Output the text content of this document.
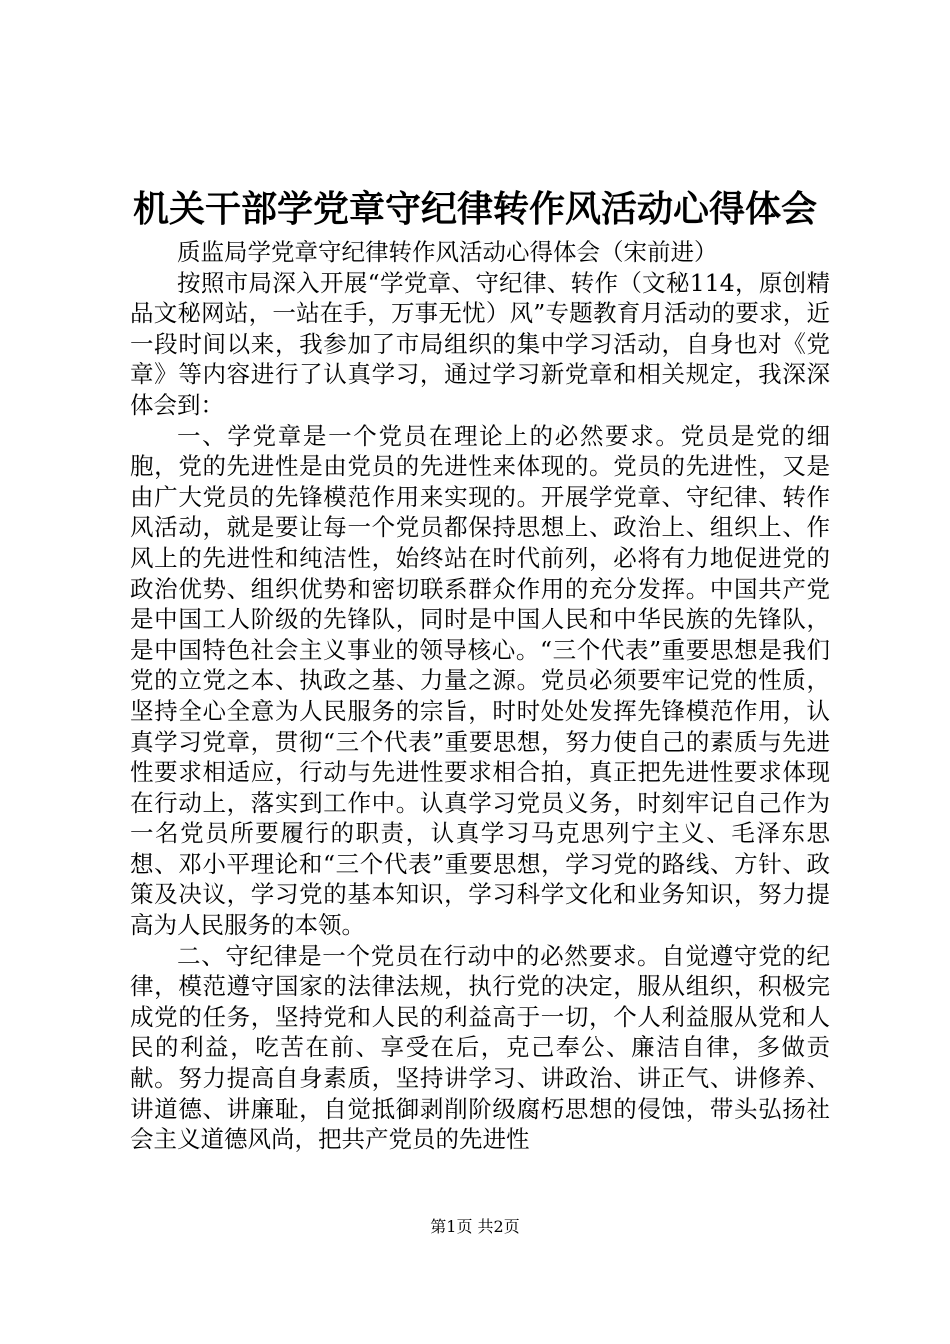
机关干部学党章守纪律转作风活动心得体会

质监局学党章守纪律转作风活动心得体会（宋前进）

按照市局深入开展“学党章、守纪律、转作（文秘114，原创精品文秘网站，一站在手，万事无忧）风”专题教育月活动的要求，近一段时间以来，我参加了市局组织的集中学习活动，自身也对《党章》等内容进行了认真学习，通过学习新党章和相关规定，我深深体会到：

一、学党章是一个党员在理论上的必然要求。党员是党的细胞，党的先进性是由党员的先进性来体现的。党员的先进性，又是由广大党员的先锋模范作用来实现的。开展学党章、守纪律、转作风活动，就是要让每一个党员都保持思想上、政治上、组织上、作风上的先进性和纯洁性，始终站在时代前列，必将有力地促进党的政治优势、组织优势和密切联系群众作用的充分发挥。中国共产党是中国工人阶级的先锋队，同时是中国人民和中华民族的先锋队，是中国特色社会主义事业的领导核心。“三个代表”重要思想是我们党的立党之本、执政之基、力量之源。党员必须要牢记党的性质，坚持全心全意为人民服务的宗旨，时时处处发挥先锋模范作用，认真学习党章，贯彻“三个代表”重要思想，努力使自己的素质与先进性要求相适应，行动与先进性要求相合拍，真正把先进性要求体现在行动上，落实到工作中。认真学习党员义务，时刻牢记自己作为一名党员所要履行的职责，认真学习马克思列宁主义、毛泽东思想、邓小平理论和“三个代表”重要思想，学习党的路线、方针、政策及决议，学习党的基本知识，学习科学文化和业务知识，努力提高为人民服务的本领。

二、守纪律是一个党员在行动中的必然要求。自觉遵守党的纪律，模范遵守国家的法律法规，执行党的决定，服从组织，积极完成党的任务，坚持党和人民的利益高于一切，个人利益服从党和人民的利益，吃苦在前、享受在后，克己奉公、廉洁自律，多做贡献。努力提高自身素质，坚持讲学习、讲政治、讲正气、讲修养、讲道德、讲廉耻，自觉抵御剥削阶级腐朽思想的侵蚀，带头弘扬社会主义道德风尚，把共产党员的先进性

第1页 共2页
